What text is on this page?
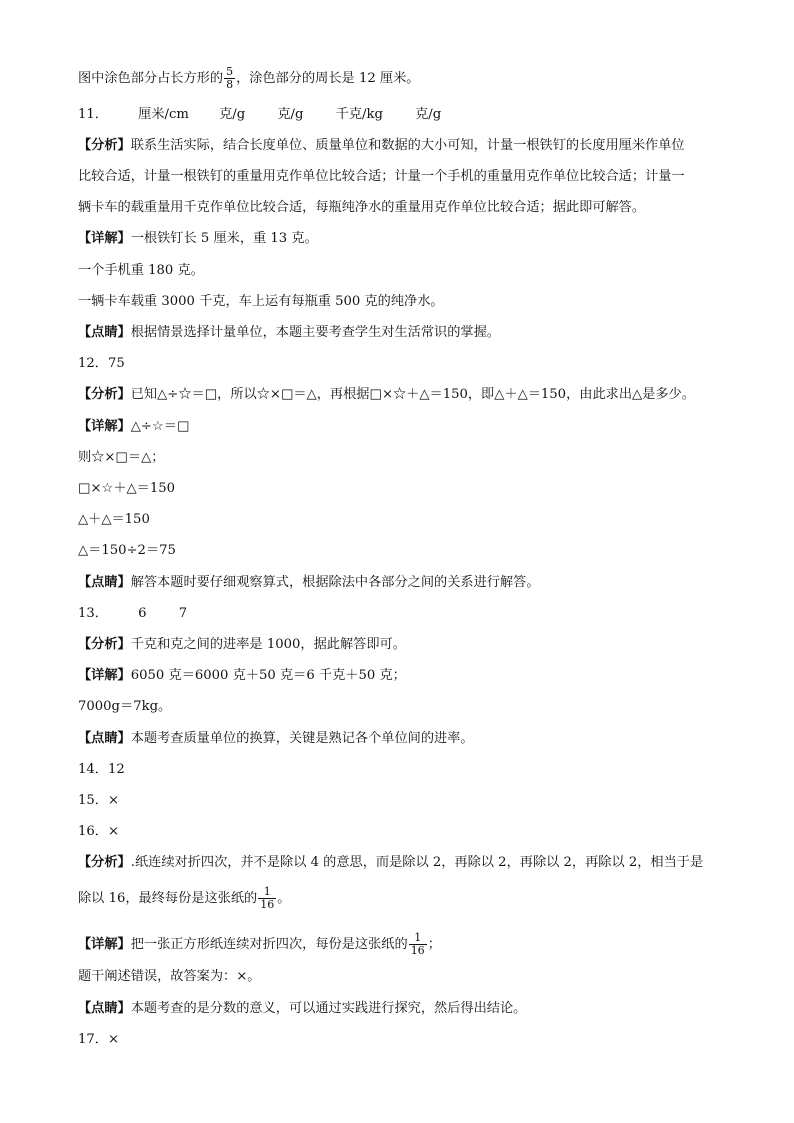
图中涂色部分占长方形的 $\frac{5}{8}$ ，涂色部分的周长是 12 厘米。
11． 厘米/cm 克/g 克/g 千克/kg 克/g
【分析】联系生活实际，结合长度单位、质量单位和数据的大小可知，计量一根铁钉的长度用厘米作单位
比较合适，计量一根铁钉的重量用克作单位比较合适；计量一个手机的重量用克作单位比较合适；计量一
辆卡车的载重量用千克作单位比较合适，每瓶纯净水的重量用克作单位比较合适；据此即可解答。
【详解】一根铁钉长 5 厘米，重 13 克。
一个手机重 180 克。
一辆卡车载重 3000 千克，车上运有每瓶重 500 克的纯净水。
【点睛】根据情景选择计量单位，本题主要考查学生对生活常识的掌握。
12．75
【分析】已知△÷☆＝□，所以☆×□＝△，再根据□×☆＋△＝150，即△＋△＝150，由此求出△是多少。
【详解】△÷☆＝□
则☆×□＝△；
□×☆＋△＝150
△＋△＝150
△＝150÷2＝75
【点睛】解答本题时要仔细观察算式，根据除法中各部分之间的关系进行解答。
13． 6 7
【分析】千克和克之间的进率是 1000，据此解答即可。
【详解】6050 克＝6000 克＋50 克＝6 千克＋50 克；
7000g＝7kg。
【点睛】本题考查质量单位的换算，关键是熟记各个单位间的进率。
14．12
15．×
16．×
【分析】.纸连续对折四次，并不是除以 4 的意思，而是除以 2，再除以 2，再除以 2，再除以 2，相当于是
除以 16，最终每份是这张纸的 $\frac{1}{16}$ 。
【详解】把一张正方形纸连续对折四次，每份是这张纸的 $\frac{1}{16}$ ；
题干阐述错误，故答案为：×。
【点睛】本题考查的是分数的意义，可以通过实践进行探究，然后得出结论。
17．×
